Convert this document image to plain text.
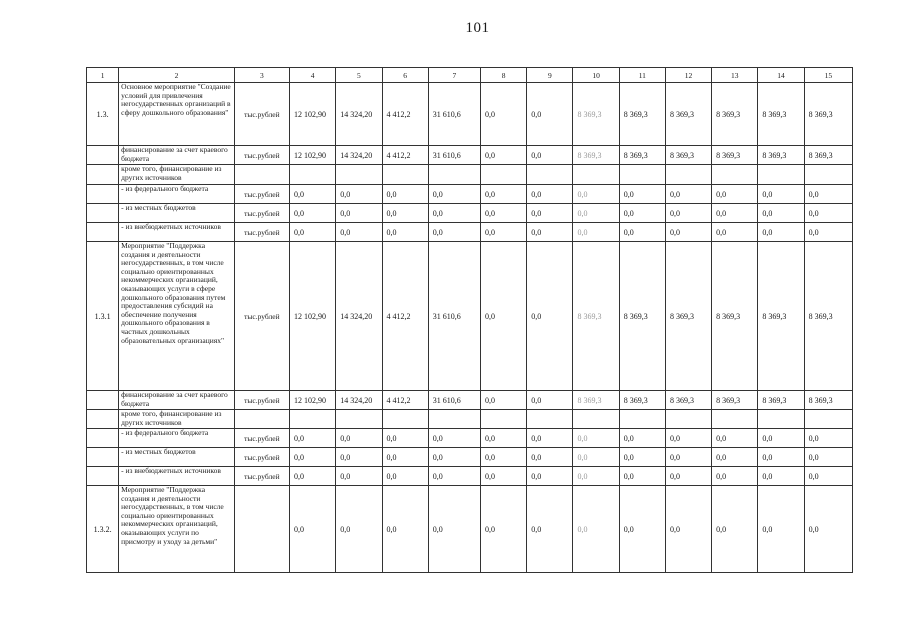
101
1	2	3	4	5	6	7	8	9	10	11	12	13	14	15
1.3.	Основное мероприятие "Создание условий для привлечения негосударственных организаций в сферу дошкольного образования"	тыс.рублей	12 102,90	14 324,20	4 412,2	31 610,6	0,0	0,0	8 369,3	8 369,3	8 369,3	8 369,3	8 369,3	8 369,3
	финансирование за счет краевого бюджета	тыс.рублей	12 102,90	14 324,20	4 412,2	31 610,6	0,0	0,0	8 369,3	8 369,3	8 369,3	8 369,3	8 369,3	8 369,3
	кроме того, финансирование из других источников													
	- из федерального бюджета	тыс.рублей	0,0	0,0	0,0	0,0	0,0	0,0	0,0	0,0	0,0	0,0	0,0	0,0
	- из местных бюджетов	тыс.рублей	0,0	0,0	0,0	0,0	0,0	0,0	0,0	0,0	0,0	0,0	0,0	0,0
	- из внебюджетных источников	тыс.рублей	0,0	0,0	0,0	0,0	0,0	0,0	0,0	0,0	0,0	0,0	0,0	0,0
1.3.1	Мероприятие "Поддержка создания и деятельности негосударственных, в том числе социально ориентированных некоммерческих организаций, оказывающих услуги в сфере дошкольного образования путем предоставления субсидий на обеспечение получения дошкольного образования в частных дошкольных образовательных организациях"	тыс.рублей	12 102,90	14 324,20	4 412,2	31 610,6	0,0	0,0	8 369,3	8 369,3	8 369,3	8 369,3	8 369,3	8 369,3
	финансирование за счет краевого бюджета	тыс.рублей	12 102,90	14 324,20	4 412,2	31 610,6	0,0	0,0	8 369,3	8 369,3	8 369,3	8 369,3	8 369,3	8 369,3
	кроме того, финансирование из других источников													
	- из федерального бюджета	тыс.рублей	0,0	0,0	0,0	0,0	0,0	0,0	0,0	0,0	0,0	0,0	0,0	0,0
	- из местных бюджетов	тыс.рублей	0,0	0,0	0,0	0,0	0,0	0,0	0,0	0,0	0,0	0,0	0,0	0,0
	- из внебюджетных источников	тыс.рублей	0,0	0,0	0,0	0,0	0,0	0,0	0,0	0,0	0,0	0,0	0,0	0,0
1.3.2.	Мероприятие "Поддержка создания и деятельности негосударственных, в том числе социально ориентированных некоммерческих организаций, оказывающих услуги по присмотру и уходу за детьми"		0,0	0,0	0,0	0,0	0,0	0,0	0,0	0,0	0,0	0,0	0,0	0,0
